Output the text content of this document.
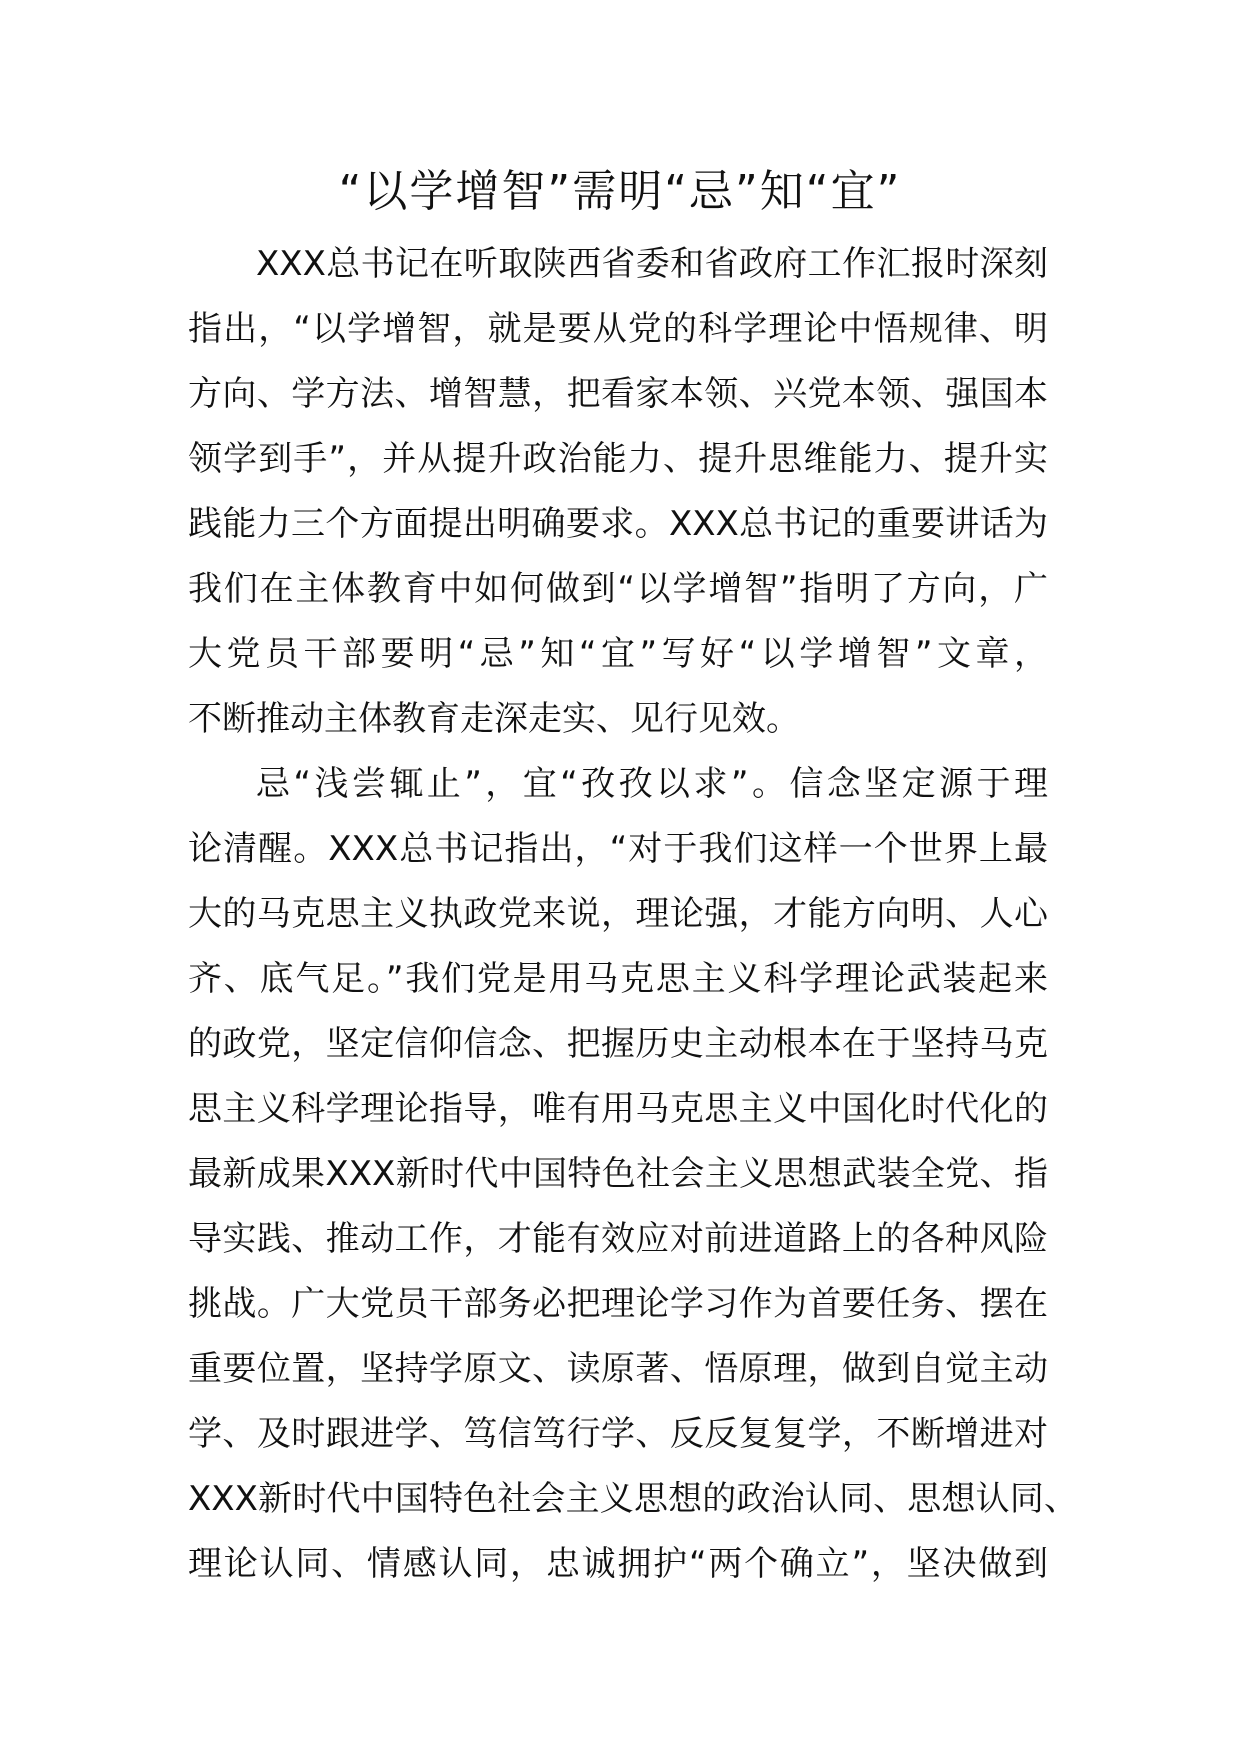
“以学增智”需明“忌”知“宜”
XXX总书记在听取陕西省委和省政府工作汇报时深刻
指出，“以学增智，就是要从党的科学理论中悟规律、明
方向、学方法、增智慧，把看家本领、兴党本领、强国本
领学到手”，并从提升政治能力、提升思维能力、提升实
践能力三个方面提出明确要求。XXX总书记的重要讲话为
我们在主体教育中如何做到“以学增智”指明了方向，广
大党员干部要明“忌”知“宜”写好“以学增智”文章，
不断推动主体教育走深走实、见行见效。
忌“浅尝辄止”，宜“孜孜以求”。信念坚定源于理
论清醒。XXX总书记指出，“对于我们这样一个世界上最
大的马克思主义执政党来说，理论强，才能方向明、人心
齐、底气足。”我们党是用马克思主义科学理论武装起来
的政党，坚定信仰信念、把握历史主动根本在于坚持马克
思主义科学理论指导，唯有用马克思主义中国化时代化的
最新成果XXX新时代中国特色社会主义思想武装全党、指
导实践、推动工作，才能有效应对前进道路上的各种风险
挑战。广大党员干部务必把理论学习作为首要任务、摆在
重要位置，坚持学原文、读原著、悟原理，做到自觉主动
学、及时跟进学、笃信笃行学、反反复复学，不断增进对
XXX新时代中国特色社会主义思想的政治认同、思想认同、
理论认同、情感认同，忠诚拥护“两个确立”，坚决做到
